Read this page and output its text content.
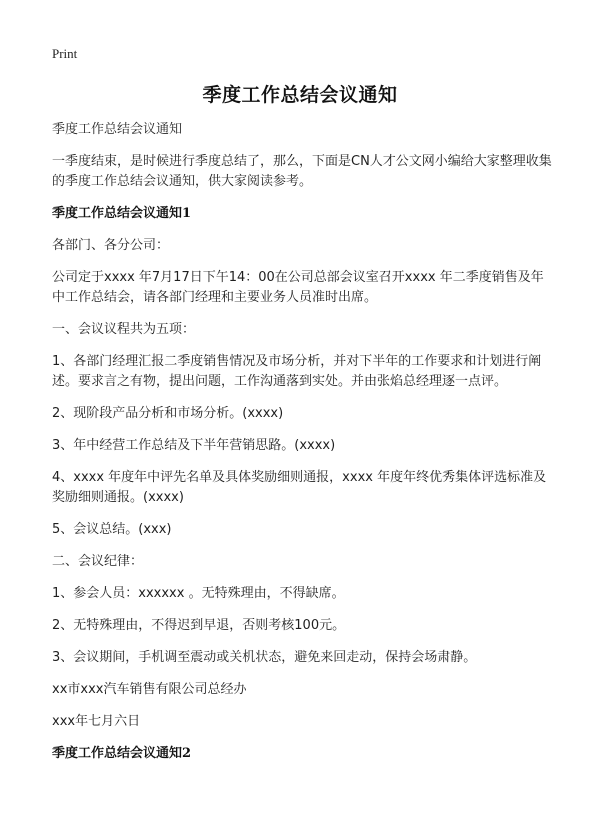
Print
季度工作总结会议通知

季度工作总结会议通知

一季度结束，是时候进行季度总结了，那么，下面是CN人才公文网小编给大家整理收集的季度工作总结会议通知，供大家阅读参考。

季度工作总结会议通知1

各部门、各分公司：

公司定于xxxx 年7月17日下午14：00在公司总部会议室召开xxxx 年二季度销售及年中工作总结会，请各部门经理和主要业务人员准时出席。

一、会议议程共为五项：

1、各部门经理汇报二季度销售情况及市场分析，并对下半年的工作要求和计划进行阐述。要求言之有物，提出问题，工作沟通落到实处。并由张焰总经理逐一点评。

2、现阶段产品分析和市场分析。(xxxx)

3、年中经营工作总结及下半年营销思路。(xxxx)

4、xxxx 年度年中评先名单及具体奖励细则通报，xxxx 年度年终优秀集体评选标准及奖励细则通报。(xxxx)

5、会议总结。(xxx)

二、会议纪律：

1、参会人员：xxxxxx 。无特殊理由，不得缺席。

2、无特殊理由，不得迟到早退，否则考核100元。

3、会议期间，手机调至震动或关机状态，避免来回走动，保持会场肃静。

xx市xxx汽车销售有限公司总经办

xxx年七月六日

季度工作总结会议通知2
